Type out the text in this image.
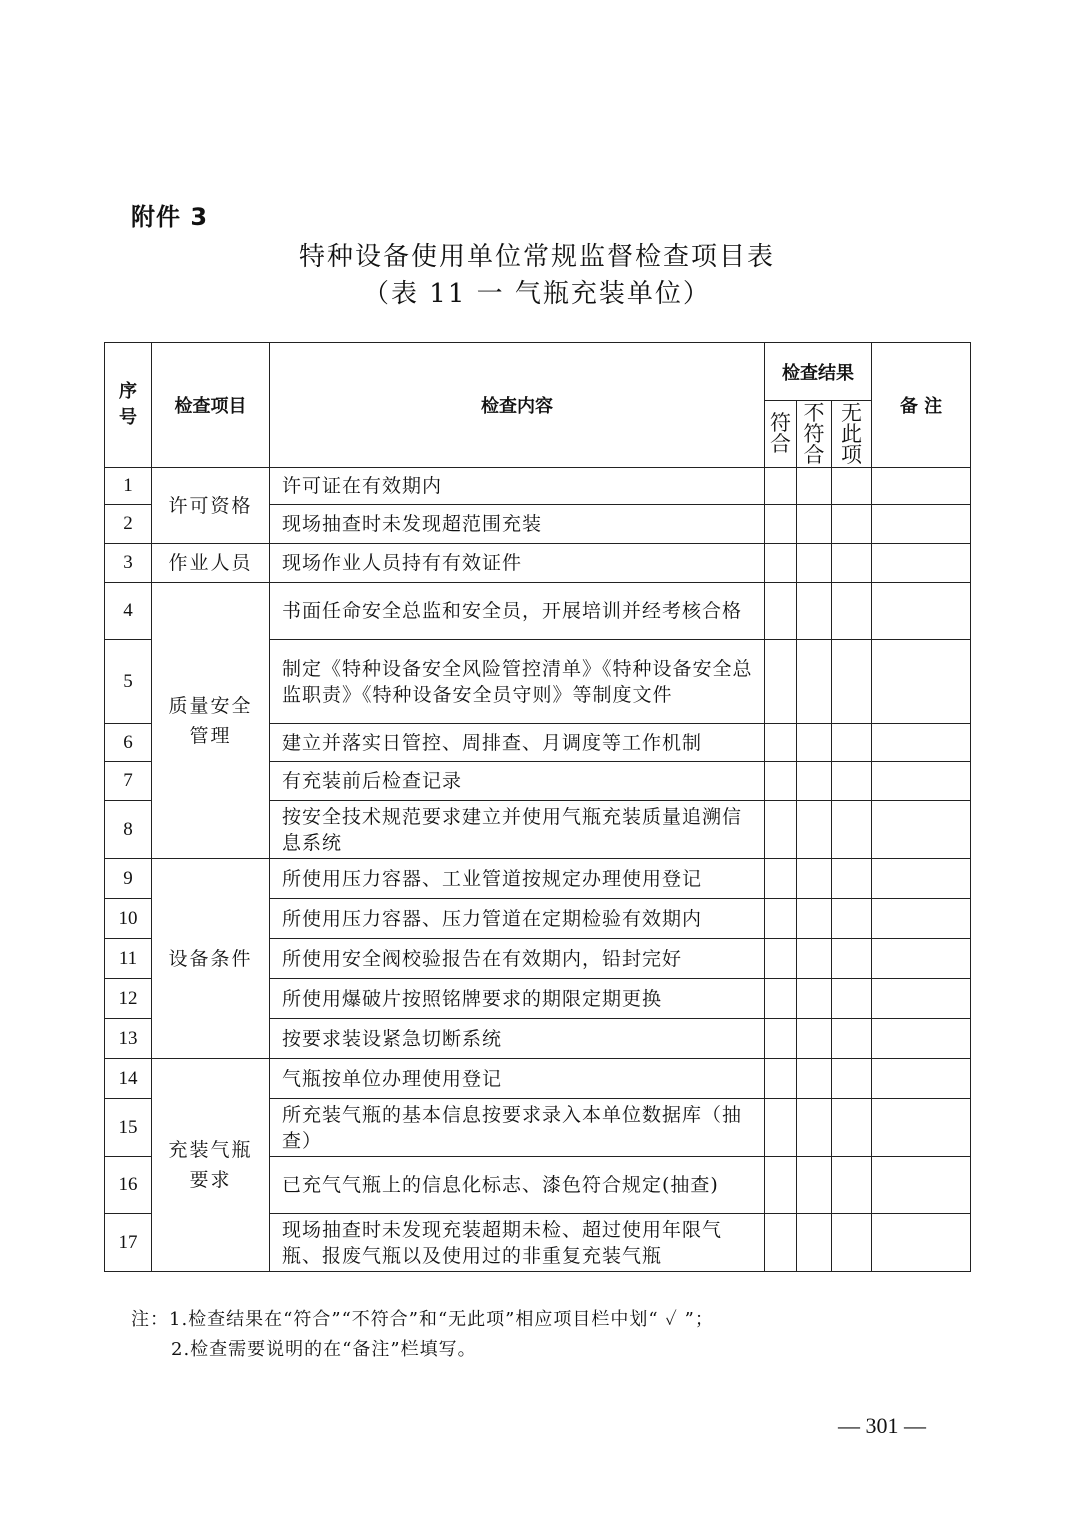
附件 3
特种设备使用单位常规监督检查项目表
（表 11 一 气瓶充装单位）
序号	检查项目	检查内容	检查结果			备 注
			符合	不符合	无此项	
1	许可资格	许可证在有效期内				
2		现场抽查时未发现超范围充装				
3	作业人员	现场作业人员持有有效证件				
4	质量安全管理	书面任命安全总监和安全员，开展培训并经考核合格				
5		制定《特种设备安全风险管控清单》《特种设备安全总监职责》《特种设备安全员守则》等制度文件				
6		建立并落实日管控、周排查、月调度等工作机制				
7		有充装前后检查记录				
8		按安全技术规范要求建立并使用气瓶充装质量追溯信息系统				
9	设备条件	所使用压力容器、工业管道按规定办理使用登记				
10		所使用压力容器、压力管道在定期检验有效期内				
11		所使用安全阀校验报告在有效期内，铅封完好				
12		所使用爆破片按照铭牌要求的期限定期更换				
13		按要求装设紧急切断系统				
14	充装气瓶要求	气瓶按单位办理使用登记				
15		所充装气瓶的基本信息按要求录入本单位数据库（抽查）				
16		已充气气瓶上的信息化标志、漆色符合规定(抽查)				
17		现场抽查时未发现充装超期未检、超过使用年限气瓶、报废气瓶以及使用过的非重复充装气瓶				
注：1.检查结果在“符合”“不符合”和“无此项”相应项目栏中划“ ✓ ”；
2.检查需要说明的在“备注”栏填写。
— 301 —
